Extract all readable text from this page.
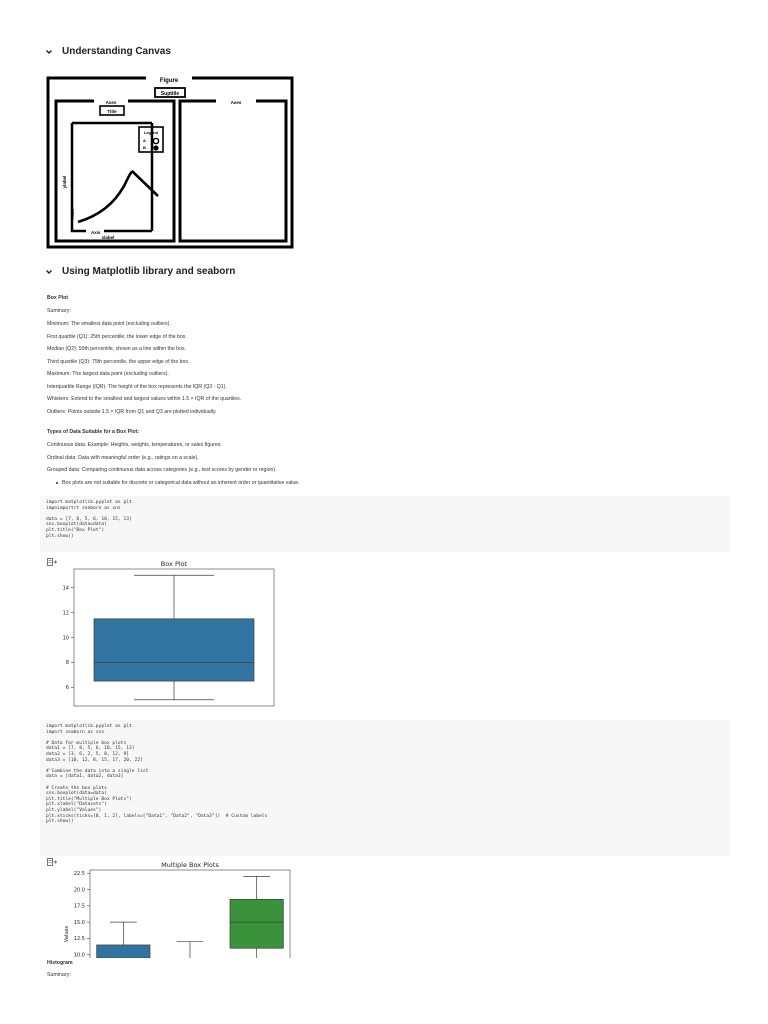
Understanding Canvas
Figure
Suptitle
Axes	Axes
Title
Legend
A
B
Axis
xlabel
ylabel
Axis
Using Matplotlib library and seaborn
Box Plot
Summary:
Minimum: The smallest data point (excluding outliers).
First quartile (Q1): 25th percentile, the lower edge of the box.
Median (Q2): 50th percentile, shown as a line within the box.
Third quartile (Q3): 75th percentile, the upper edge of the box.
Maximum: The largest data point (excluding outliers).
Interquartile Range (IQR): The height of the box represents the IQR (Q3 - Q1).
Whiskers: Extend to the smallest and largest values within 1.5 × IQR of the quartiles.
Outliers: Points outside 1.5 × IQR from Q1 and Q3 are plotted individually.
Types of Data Suitable for a Box Plot:
Continuous data: Example: Heights, weights, temperatures, or sales figures.
Ordinal data: Data with meaningful order (e.g., ratings on a scale).
Grouped data: Comparing continuous data across categories (e.g., test scores by gender or region).
Box plots are not suitable for discrete or categorical data without an inherent order or quantitative value.
import matplotlib.pyplot as plt
impoimportrt seaborn as sns

data = [7, 8, 5, 6, 10, 15, 13]
sns.boxplot(data=data)
plt.title("Box Plot")
plt.show()
Box Plot
6
8
10
12
14
import matplotlib.pyplot as plt
import seaborn as sns

# Data for multiple box plots
data1 = [7, 8, 5, 6, 10, 15, 13]
data2 = [3, 6, 2, 5, 8, 12, 9]
data3 = [10, 12, 8, 15, 17, 20, 22]

# Combine the data into a single list
data = [data1, data2, data3]

# Create the box plots
sns.boxplot(data=data)
plt.title("Multiple Box Plots")
plt.xlabel("Datasets")
plt.ylabel("Values")
plt.xticks(ticks=[0, 1, 2], labels=["Data1", "Data2", "Data3"])  # Custom labels
plt.show()
Multiple Box Plots
10.0
12.5
15.0
17.5
20.0
22.5
Values
Histogram
Summary:
